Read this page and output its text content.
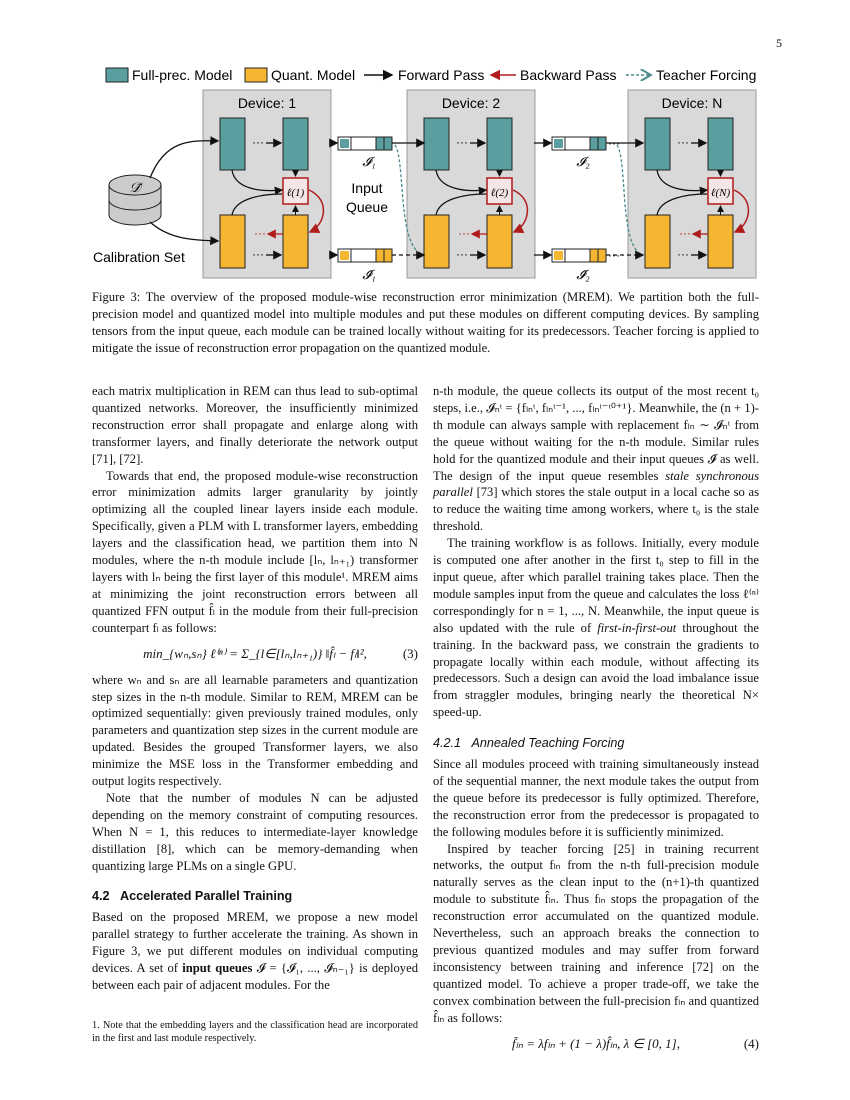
5
Full-prec. Model	Quant. Model	Forward Pass	Backward Pass	Teacher Forcing
Device: 1
ℓ(1)
···
···
···
Device: 2
ℓ(2)
···
···
···
Device: N
ℓ(N)
···
···
···
𝒟̃
Calibration Set
Input
Queue
𝓘₁
𝓘̂₁
𝓘₂
𝓘̂₂
···
···
Figure 3: The overview of the proposed module-wise reconstruction error minimization (MREM). We partition both the full-precision model and quantized model into multiple modules and put these modules on different computing devices. By sampling tensors from the input queue, each module can be trained locally without waiting for its predecessors. Teacher forcing is applied to mitigate the issue of reconstruction error propagation on the quantized module.

each matrix multiplication in REM can thus lead to sub-optimal quantized networks. Moreover, the insufficiently minimized reconstruction error shall propagate and enlarge along with transformer layers, and finally deteriorate the network output [71], [72].

Towards that end, the proposed module-wise reconstruction error minimization admits larger granularity by jointly optimizing all the coupled linear layers inside each module. Specifically, given a PLM with L transformer layers, embedding layers and the classification head, we partition them into N modules, where the n-th module include [lₙ, lₙ₊₁) transformer layers with lₙ being the first layer of this module¹. MREM aims at minimizing the joint reconstruction errors between all quantized FFN output f̂ₗ in the module from their full-precision counterpart fₗ as follows:

min_{wₙ,sₙ} ℓ⁽ⁿ⁾ = Σ_{l∈[lₙ,lₙ₊₁)} ‖f̂ₗ − fₗ‖²,	(3)

where wₙ and sₙ are all learnable parameters and quantization step sizes in the n-th module. Similar to REM, MREM can be optimized sequentially: given previously trained modules, only parameters and quantization step sizes in the current module are updated. Besides the grouped Transformer layers, we also minimize the MSE loss in the Transformer embedding and output logits respectively.

Note that the number of modules N can be adjusted depending on the memory constraint of computing resources. When N = 1, this reduces to intermediate-layer knowledge distillation [8], which can be memory-demanding when quantizing large PLMs on a single GPU.

4.2 Accelerated Parallel Training

Based on the proposed MREM, we propose a new model parallel strategy to further accelerate the training. As shown in Figure 3, we put different modules on individual computing devices. A set of input queues 𝓘 = {𝓘₁, ..., 𝓘ₙ₋₁} is deployed between each pair of adjacent modules. For the

1. Note that the embedding layers and the classification head are incorporated in the first and last module respectively.

n-th module, the queue collects its output of the most recent t₀ steps, i.e., 𝓘ₙᵗ = {fₗₙᵗ, fₗₙᵗ⁻¹, ..., fₗₙᵗ⁻ᵗ⁰⁺¹}. Meanwhile, the (n + 1)-th module can always sample with replacement fₗₙ ∼ 𝓘ₙᵗ from the queue without waiting for the n-th module. Similar rules hold for the quantized module and their input queues 𝓘̂ as well. The design of the input queue resembles stale synchronous parallel [73] which stores the stale output in a local cache so as to reduce the waiting time among workers, where t₀ is the stale threshold.

The training workflow is as follows. Initially, every module is computed one after another in the first t₀ step to fill in the input queue, after which parallel training takes place. Then the module samples input from the queue and calculates the loss ℓ⁽ⁿ⁾ correspondingly for n = 1, ..., N. Meanwhile, the input queue is also updated with the rule of first-in-first-out throughout the training. In the backward pass, we constrain the gradients to propagate locally within each module, without affecting its predecessors. Such a design can avoid the load imbalance issue from straggler modules, bringing nearly the theoretical N× speed-up.

4.2.1 Annealed Teaching Forcing

Since all modules proceed with training simultaneously instead of the sequential manner, the next module takes the output from the queue before its predecessor is fully optimized. Therefore, the reconstruction error from the predecessor is propagated to the following modules before it is sufficiently minimized.

Inspired by teacher forcing [25] in training recurrent networks, the output fₗₙ from the n-th full-precision module naturally serves as the clean input to the (n+1)-th quantized module to substitute f̂ₗₙ. Thus fₗₙ stops the propagation of the reconstruction error accumulated on the quantized module. Nevertheless, such an approach breaks the connection to previous quantized modules and may suffer from forward inconsistency between training and inference [72] on the quantized model. To achieve a proper trade-off, we take the convex combination between the full-precision fₗₙ and quantized f̂ₗₙ as follows:

f̃ₗₙ = λfₗₙ + (1 − λ)f̂ₗₙ, λ ∈ [0, 1],	(4)
